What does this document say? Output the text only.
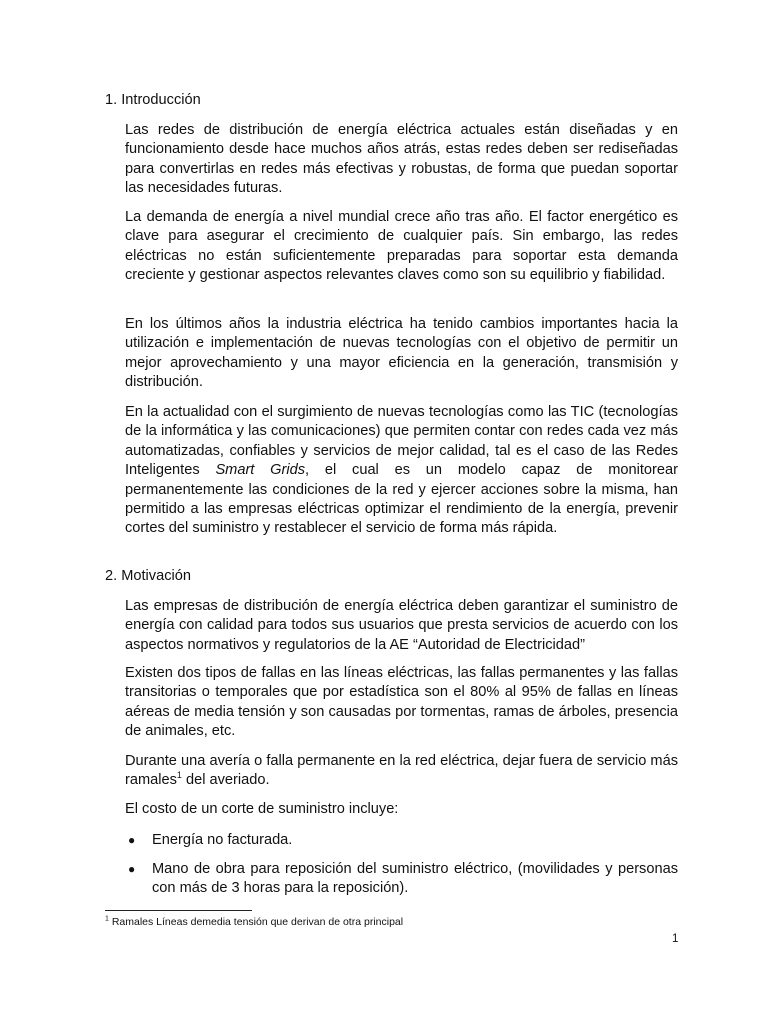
1. Introducción

Las redes de distribución de energía eléctrica actuales están diseñadas y en funcionamiento desde hace muchos años atrás, estas redes deben ser rediseñadas para convertirlas en redes más efectivas y robustas, de forma que puedan soportar las necesidades futuras.

La demanda de energía a nivel mundial crece año tras año. El factor energético es clave para asegurar el crecimiento de cualquier país. Sin embargo, las redes eléctricas no están suficientemente preparadas para soportar esta demanda creciente y gestionar aspectos relevantes claves como son su equilibrio y fiabilidad.

En los últimos años la industria eléctrica ha tenido cambios importantes hacia la utilización e implementación de nuevas tecnologías con el objetivo de permitir un mejor aprovechamiento y una mayor eficiencia en la generación, transmisión y distribución.

En la actualidad con el surgimiento de nuevas tecnologías como las TIC (tecnologías de la informática y las comunicaciones) que permiten contar con redes cada vez más automatizadas, confiables y servicios de mejor calidad, tal es el caso de las Redes Inteligentes Smart Grids, el cual es un modelo capaz de monitorear permanentemente las condiciones de la red y ejercer acciones sobre la misma, han permitido a las empresas eléctricas optimizar el rendimiento de la energía, prevenir cortes del suministro y restablecer el servicio de forma más rápida.

2. Motivación

Las empresas de distribución de energía eléctrica deben garantizar el suministro de energía con calidad para todos sus usuarios que presta servicios de acuerdo con los aspectos normativos y regulatorios de la AE “Autoridad de Electricidad”

Existen dos tipos de fallas en las líneas eléctricas, las fallas permanentes y las fallas transitorias o temporales que por estadística son el 80% al 95% de fallas en líneas aéreas de media tensión y son causadas por tormentas, ramas de árboles, presencia de animales, etc.

Durante una avería o falla permanente en la red eléctrica, dejar fuera de servicio más ramales$^1$ del averiado.

El costo de un corte de suministro incluye:

● Energía no facturada.
● Mano de obra para reposición del suministro eléctrico, (movilidades y personas con más de 3 horas para la reposición).
$^1$ Ramales Líneas demedia tensión que derivan de otra principal
1
